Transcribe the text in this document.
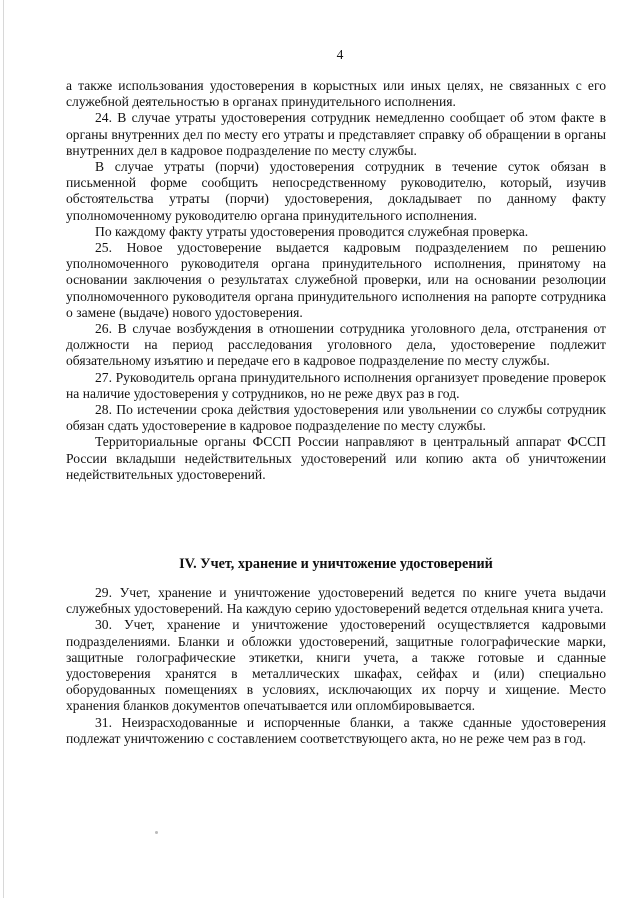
4

а также использования удостоверения в корыстных или иных целях, не связанных с его служебной деятельностью в органах принудительного исполнения.

24. В случае утраты удостоверения сотрудник немедленно сообщает об этом факте в органы внутренних дел по месту его утраты и представляет справку об обращении в органы внутренних дел в кадровое подразделение по месту службы.

В случае утраты (порчи) удостоверения сотрудник в течение суток обязан в письменной форме сообщить непосредственному руководителю, который, изучив обстоятельства утраты (порчи) удостоверения, докладывает по данному факту уполномоченному руководителю органа принудительного исполнения.

По каждому факту утраты удостоверения проводится служебная проверка.

25. Новое удостоверение выдается кадровым подразделением по решению уполномоченного руководителя органа принудительного исполнения, принятому на основании заключения о результатах служебной проверки, или на основании резолюции уполномоченного руководителя органа принудительного исполнения на рапорте сотрудника о замене (выдаче) нового удостоверения.

26. В случае возбуждения в отношении сотрудника уголовного дела, отстранения от должности на период расследования уголовного дела, удостоверение подлежит обязательному изъятию и передаче его в кадровое подразделение по месту службы.

27. Руководитель органа принудительного исполнения организует проведение проверок на наличие удостоверения у сотрудников, но не реже двух раз в год.

28. По истечении срока действия удостоверения или увольнении со службы сотрудник обязан сдать удостоверение в кадровое подразделение по месту службы.

Территориальные органы ФССП России направляют в центральный аппарат ФССП России вкладыши недействительных удостоверений или копию акта об уничтожении недействительных удостоверений.

IV. Учет, хранение и уничтожение удостоверений

29. Учет, хранение и уничтожение удостоверений ведется по книге учета выдачи служебных удостоверений. На каждую серию удостоверений ведется отдельная книга учета.

30. Учет, хранение и уничтожение удостоверений осуществляется кадровыми подразделениями. Бланки и обложки удостоверений, защитные голографические марки, защитные голографические этикетки, книги учета, а также готовые и сданные удостоверения хранятся в металлических шкафах, сейфах и (или) специально оборудованных помещениях в условиях, исключающих их порчу и хищение. Место хранения бланков документов опечатывается или опломбировывается.

31. Неизрасходованные и испорченные бланки, а также сданные удостоверения подлежат уничтожению с составлением соответствующего акта, но не реже чем раз в год.
